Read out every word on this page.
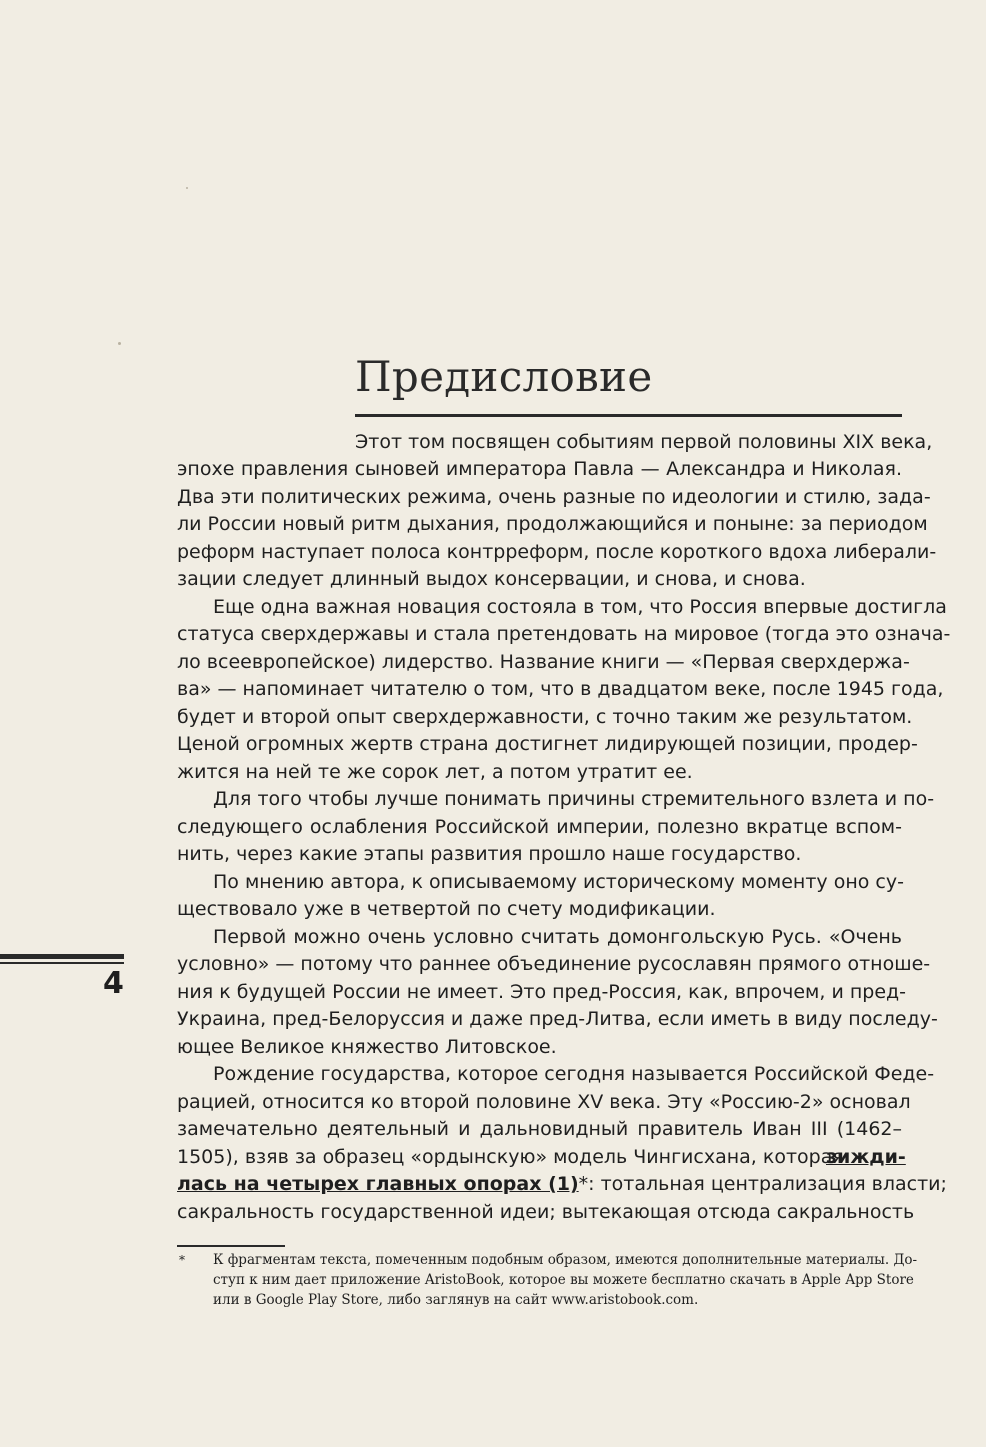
Предисловие

Этот том посвящен событиям первой половины XIX века,

эпохе правления сыновей императора Павла — Александра и Николая.

Два эти политических режима, очень разные по идеологии и стилю, зада-

ли России новый ритм дыхания, продолжающийся и поныне: за периодом

реформ наступает полоса контрреформ, после короткого вдоха либерали-

зации следует длинный выдох консервации, и снова, и снова.

Еще одна важная новация состояла в том, что Россия впервые достигла

статуса сверхдержавы и стала претендовать на мировое (тогда это означа-

ло всеевропейское) лидерство. Название книги — «Первая сверхдержа-

ва» — напоминает читателю о том, что в двадцатом веке, после 1945 года,

будет и второй опыт сверхдержавности, с точно таким же результатом.

Ценой огромных жертв страна достигнет лидирующей позиции, продер-

жится на ней те же сорок лет, а потом утратит ее.

Для того чтобы лучше понимать причины стремительного взлета и по-

следующего ослабления Российской империи, полезно вкратце вспом-

нить, через какие этапы развития прошло наше государство.

По мнению автора, к описываемому историческому моменту оно су-

ществовало уже в четвертой по счету модификации.

Первой можно очень условно считать домонгольскую Русь. «Очень

условно» — потому что раннее объединение русославян прямого отноше-

ния к будущей России не имеет. Это пред-Россия, как, впрочем, и пред-

Украина, пред-Белоруссия и даже пред-Литва, если иметь в виду последу-

ющее Великое княжество Литовское.

Рождение государства, которое сегодня называется Российской Феде-

рацией, относится ко второй половине XV века. Эту «Россию-2» основал

замечательно деятельный и дальновидный правитель Иван III (1462–

1505), взяв за образец «ордынскую» модель Чингисхана, которая

зижди-

лась на четырех главных опорах (1)*: тотальная централизация власти;

сакральность государственной идеи; вытекающая отсюда сакральность

* К фрагментам текста, помеченным подобным образом, имеются дополнительные материалы. До-

ступ к ним дает приложение AristoBook, которое вы можете бесплатно скачать в Apple App Store

или в Google Play Store, либо заглянув на сайт www.aristobook.com.

4
